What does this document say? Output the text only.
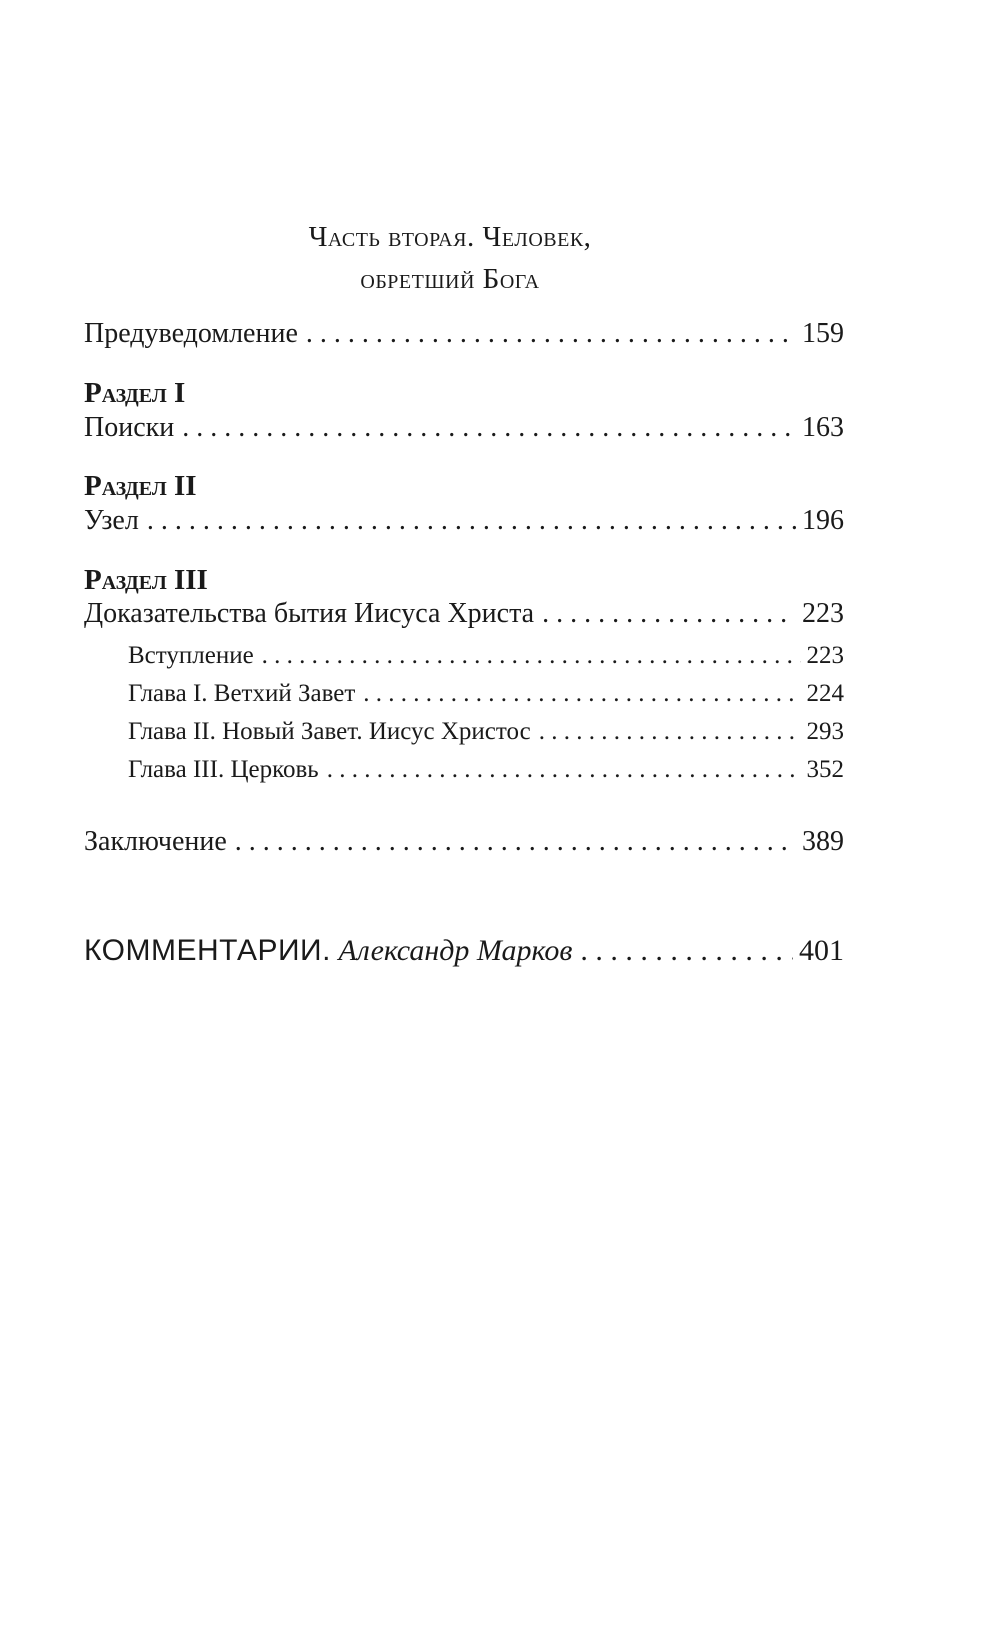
Часть вторая. Человек,
обретший Бога
Предуведомление . . .	159
Раздел I
Поиски . . .	163
Раздел II
Узел . . .	196
Раздел III
Доказательства бытия Иисуса Христа . . .	223
Вступление . . .	223
Глава I. Ветхий Завет . . .	224
Глава II. Новый Завет. Иисус Христос . . .	293
Глава III. Церковь . . .	352
Заключение . . .	389
КОММЕНТАРИИ. Александр Марков . . .	401
